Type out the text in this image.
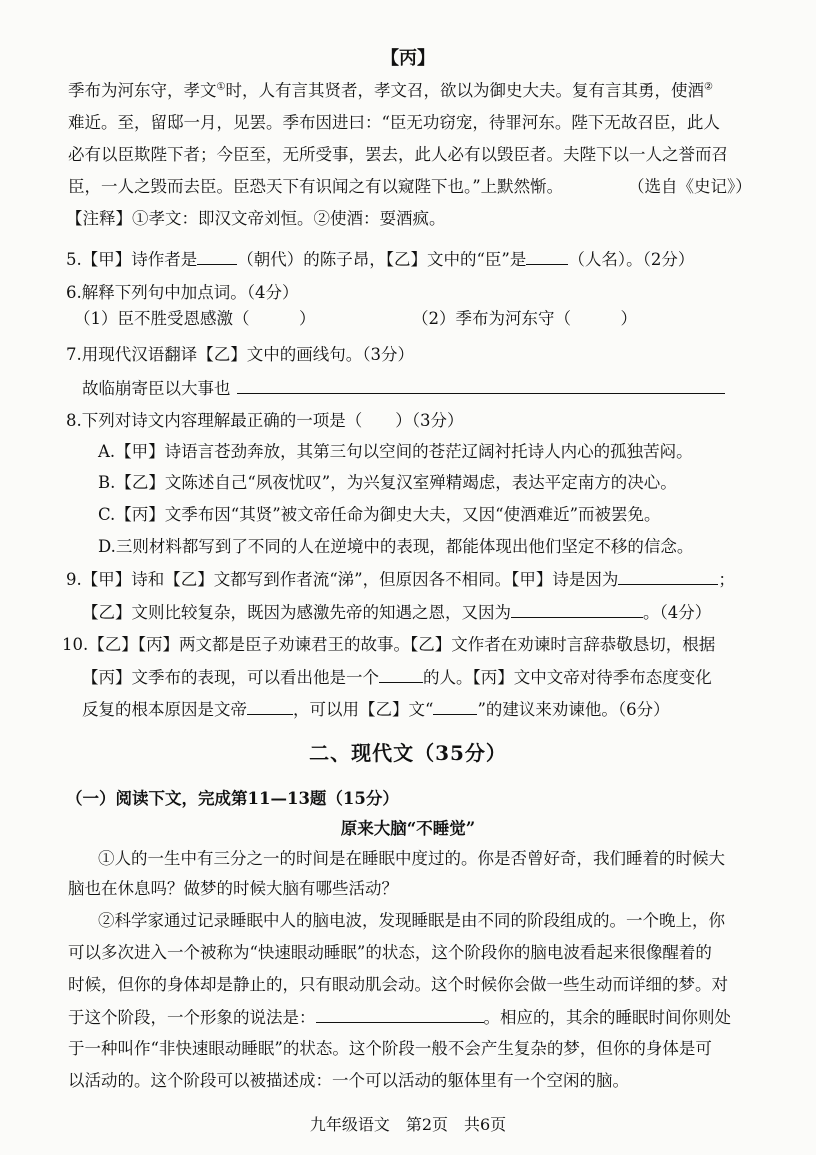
【丙】
季布为河东守，孝文①时，人有言其贤者，孝文召，欲以为御史大夫。复有言其勇，使酒②
难近。至，留邸一月，见罢。季布因进曰：“臣无功窃宠，待罪河东。陛下无故召臣，此人
必有以臣欺陛下者；今臣至，无所受事，罢去，此人必有以毁臣者。夫陛下以一人之誉而召
臣，一人之毁而去臣。臣恐天下有识闻之有以窥陛下也。”上默然惭。	（选自《史记》）
【注释】①孝文：即汉文帝刘恒。②使酒：耍酒疯。
5.【甲】诗作者是 （朝代）的陈子昂，【乙】文中的“臣”是	（人名）。（2分）
6.解释下列句中加点词。（4分）
（1）臣不胜受恩感激（　　　）	（2）季布为河东守（　　　）
7.用现代汉语翻译【乙】文中的画线句。（3分）
故临崩寄臣以大事也
8.下列对诗文内容理解最正确的一项是（　　）（3分）
A.【甲】诗语言苍劲奔放，其第三句以空间的苍茫辽阔衬托诗人内心的孤独苦闷。
B.【乙】文陈述自己“夙夜忧叹”，为兴复汉室殚精竭虑，表达平定南方的决心。
C.【丙】文季布因“其贤”被文帝任命为御史大夫，又因“使酒难近”而被罢免。
D.三则材料都写到了不同的人在逆境中的表现，都能体现出他们坚定不移的信念。
9.【甲】诗和【乙】文都写到作者流“涕”，但原因各不相同。【甲】诗是因为	；
【乙】文则比较复杂，既因为感激先帝的知遇之恩，又因为	。（4分）
10.【乙】【丙】两文都是臣子劝谏君王的故事。【乙】文作者在劝谏时言辞恭敬恳切，根据
【丙】文季布的表现，可以看出他是一个	的人。【丙】文中文帝对待季布态度变化
反复的根本原因是文帝	，可以用【乙】文“	”的建议来劝谏他。（6分）
二、现代文（35分）
（一）阅读下文，完成第11—13题（15分）
原来大脑“不睡觉”
①人的一生中有三分之一的时间是在睡眠中度过的。你是否曾好奇，我们睡着的时候大
脑也在休息吗？做梦的时候大脑有哪些活动？
②科学家通过记录睡眠中人的脑电波，发现睡眠是由不同的阶段组成的。一个晚上，你
可以多次进入一个被称为“快速眼动睡眠”的状态，这个阶段你的脑电波看起来很像醒着的
时候，但你的身体却是静止的，只有眼动肌会动。这个时候你会做一些生动而详细的梦。对
于这个阶段，一个形象的说法是：	。相应的，其余的睡眠时间你则处
于一种叫作“非快速眼动睡眠”的状态。这个阶段一般不会产生复杂的梦，但你的身体是可
以活动的。这个阶段可以被描述成：一个可以活动的躯体里有一个空闲的脑。
九年级语文　第2页　共6页
